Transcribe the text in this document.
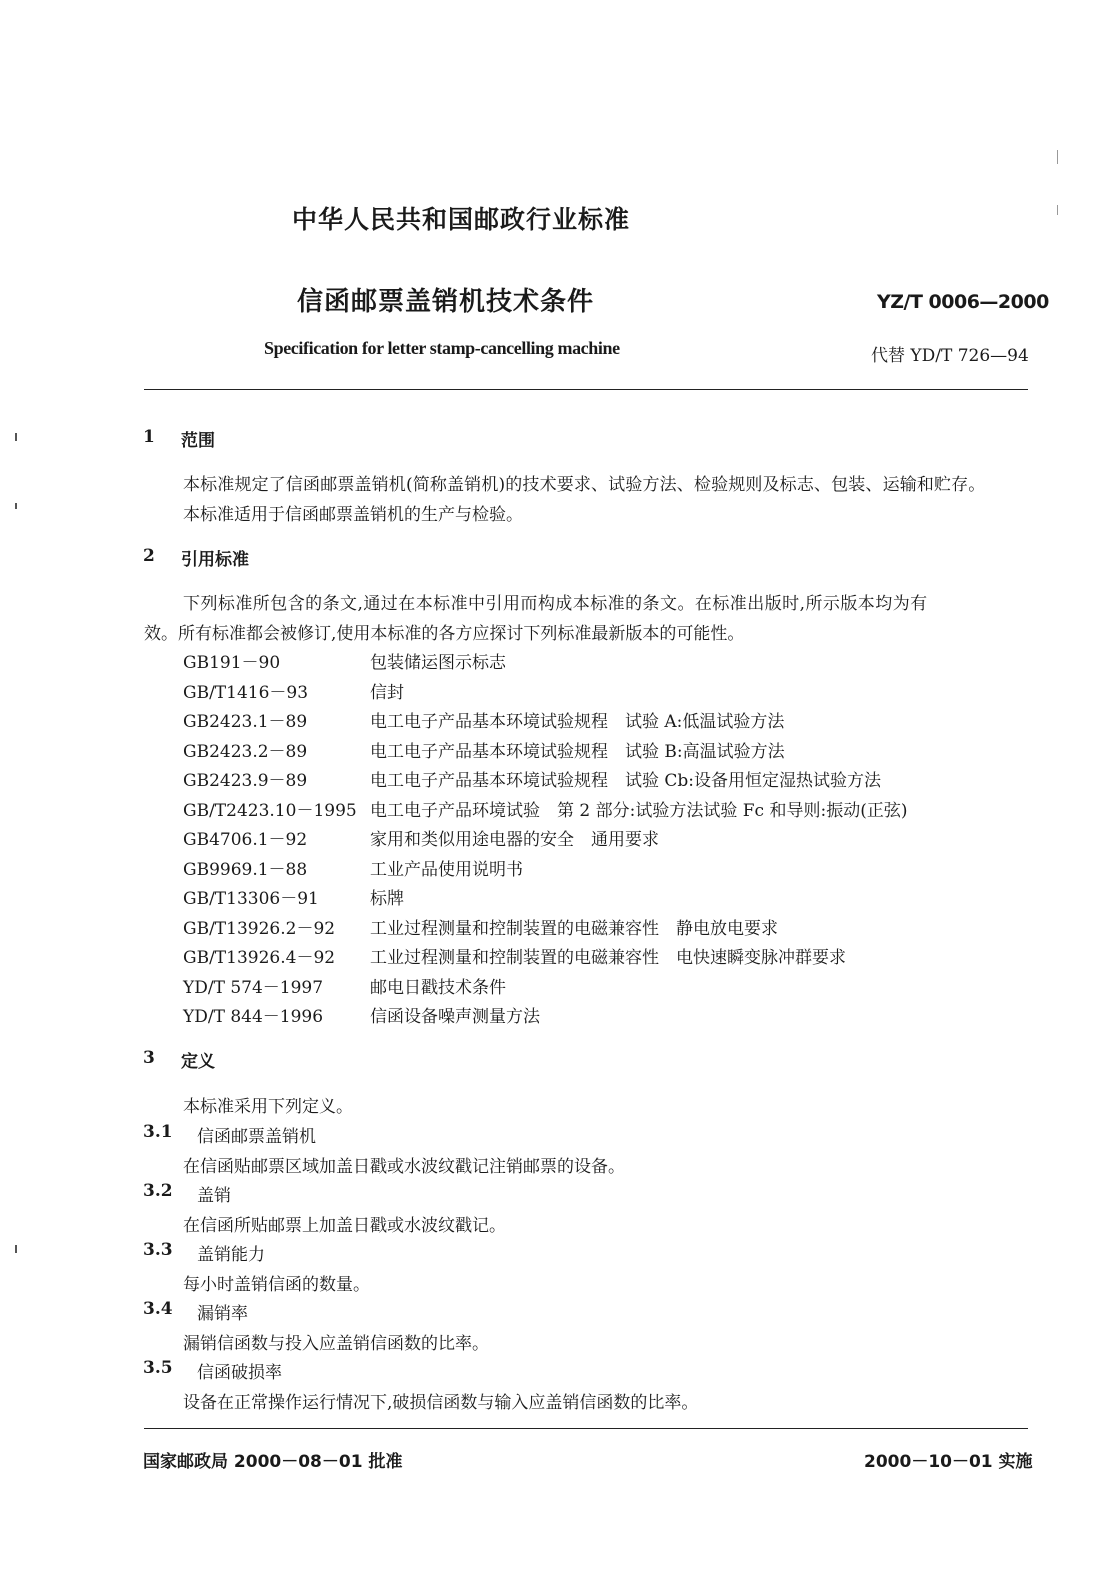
中华人民共和国邮政行业标准
信函邮票盖销机技术条件	YZ/T 0006—2000
Specification for letter stamp-cancelling machine	代替 YD/T 726—94
1 范围
本标准规定了信函邮票盖销机(简称盖销机)的技术要求、试验方法、检验规则及标志、包装、运输和贮存。
本标准适用于信函邮票盖销机的生产与检验。
2 引用标准
下列标准所包含的条文,通过在本标准中引用而构成本标准的条文。在标准出版时,所示版本均为有
效。所有标准都会被修订,使用本标准的各方应探讨下列标准最新版本的可能性。
GB191－90	包装储运图示标志
GB/T1416－93	信封
GB2423.1－89	电工电子产品基本环境试验规程　试验 A:低温试验方法
GB2423.2－89	电工电子产品基本环境试验规程　试验 B:高温试验方法
GB2423.9－89	电工电子产品基本环境试验规程　试验 Cb:设备用恒定湿热试验方法
GB/T2423.10－1995 电工电子产品环境试验　第 2 部分:试验方法试验 Fc 和导则:振动(正弦)
GB4706.1－92	家用和类似用途电器的安全　通用要求
GB9969.1－88	工业产品使用说明书
GB/T13306－91	标牌
GB/T13926.2－92 工业过程测量和控制装置的电磁兼容性　静电放电要求
GB/T13926.4－92 工业过程测量和控制装置的电磁兼容性　电快速瞬变脉冲群要求
YD/T 574－1997	邮电日戳技术条件
YD/T 844－1996	信函设备噪声测量方法
3 定义
本标准采用下列定义。
3.1 信函邮票盖销机
在信函贴邮票区域加盖日戳或水波纹戳记注销邮票的设备。
3.2 盖销
在信函所贴邮票上加盖日戳或水波纹戳记。
3.3 盖销能力
每小时盖销信函的数量。
3.4 漏销率
漏销信函数与投入应盖销信函数的比率。
3.5 信函破损率
设备在正常操作运行情况下,破损信函数与输入应盖销信函数的比率。
国家邮政局 2000－08－01 批准	2000－10－01 实施
